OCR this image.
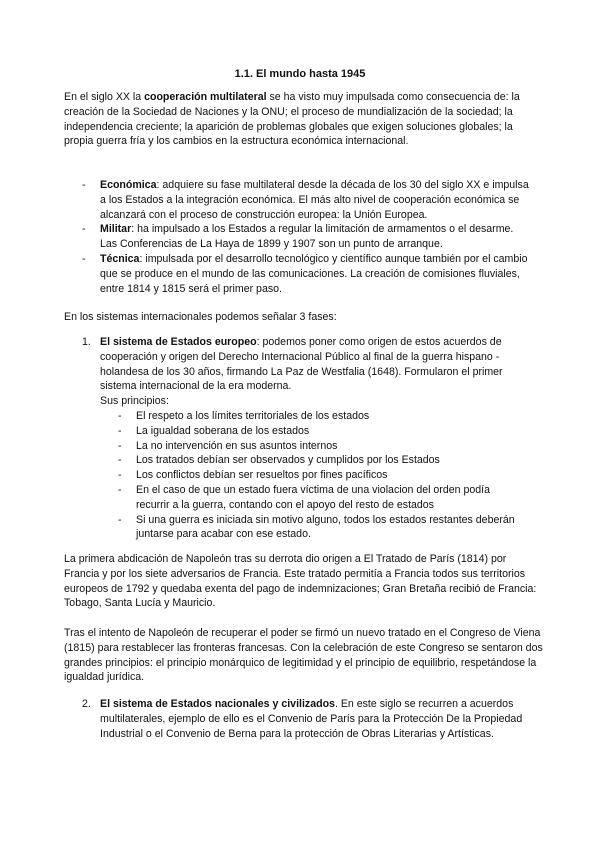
1.1. El mundo hasta 1945

En el siglo XX la cooperación multilateral se ha visto muy impulsada como consecuencia de: la creación de la Sociedad de Naciones y la ONU; el proceso de mundialización de la sociedad; la independencia creciente; la aparición de problemas globales que exigen soluciones globales; la propia guerra fría y los cambios en la estructura económica internacional.

- Económica: adquiere su fase multilateral desde la década de los 30 del siglo XX e impulsa a los Estados a la integración económica. El más alto nivel de cooperación económica se alcanzará con el proceso de construcción europea: la Unión Europea.
- Militar: ha impulsado a los Estados a regular la limitación de armamentos o el desarme. Las Conferencias de La Haya de 1899 y 1907 son un punto de arranque.
- Técnica: impulsada por el desarrollo tecnológico y científico aunque también por el cambio que se produce en el mundo de las comunicaciones. La creación de comisiones fluviales, entre 1814 y 1815 será el primer paso.

En los sistemas internacionales podemos señalar 3 fases:

1. El sistema de Estados europeo: podemos poner como origen de estos acuerdos de cooperación y origen del Derecho Internacional Público al final de la guerra hispano - holandesa de los 30 años, firmando La Paz de Westfalia (1648). Formularon el primer sistema internacional de la era moderna.
Sus principios:
- El respeto a los límites territoriales de los estados
- La igualdad soberana de los estados
- La no intervención en sus asuntos internos
- Los tratados debían ser observados y cumplidos por los Estados
- Los conflictos debían ser resueltos por fines pacíficos
- En el caso de que un estado fuera víctima de una violacion del orden podía recurrir a la guerra, contando con el apoyo del resto de estados
- Si una guerra es iniciada sin motivo alguno, todos los estados restantes deberán juntarse para acabar con ese estado.

La primera abdicación de Napoleón tras su derrota dio origen a El Tratado de París (1814) por Francia y por los siete adversarios de Francia. Este tratado permitía a Francia todos sus territorios europeos de 1792 y quedaba exenta del pago de indemnizaciones; Gran Bretaña recibió de Francia: Tobago, Santa Lucía y Mauricio.

Tras el intento de Napoleón de recuperar el poder se firmó un nuevo tratado en el Congreso de Viena (1815) para restablecer las fronteras francesas. Con la celebración de este Congreso se sentaron dos grandes principios: el principio monárquico de legitimidad y el principio de equilibrio, respetándose la igualdad jurídica.

2. El sistema de Estados nacionales y civilizados. En este siglo se recurren a acuerdos multilaterales, ejemplo de ello es el Convenio de París para la Protección De la Propiedad Industrial o el Convenio de Berna para la protección de Obras Literarias y Artísticas.
